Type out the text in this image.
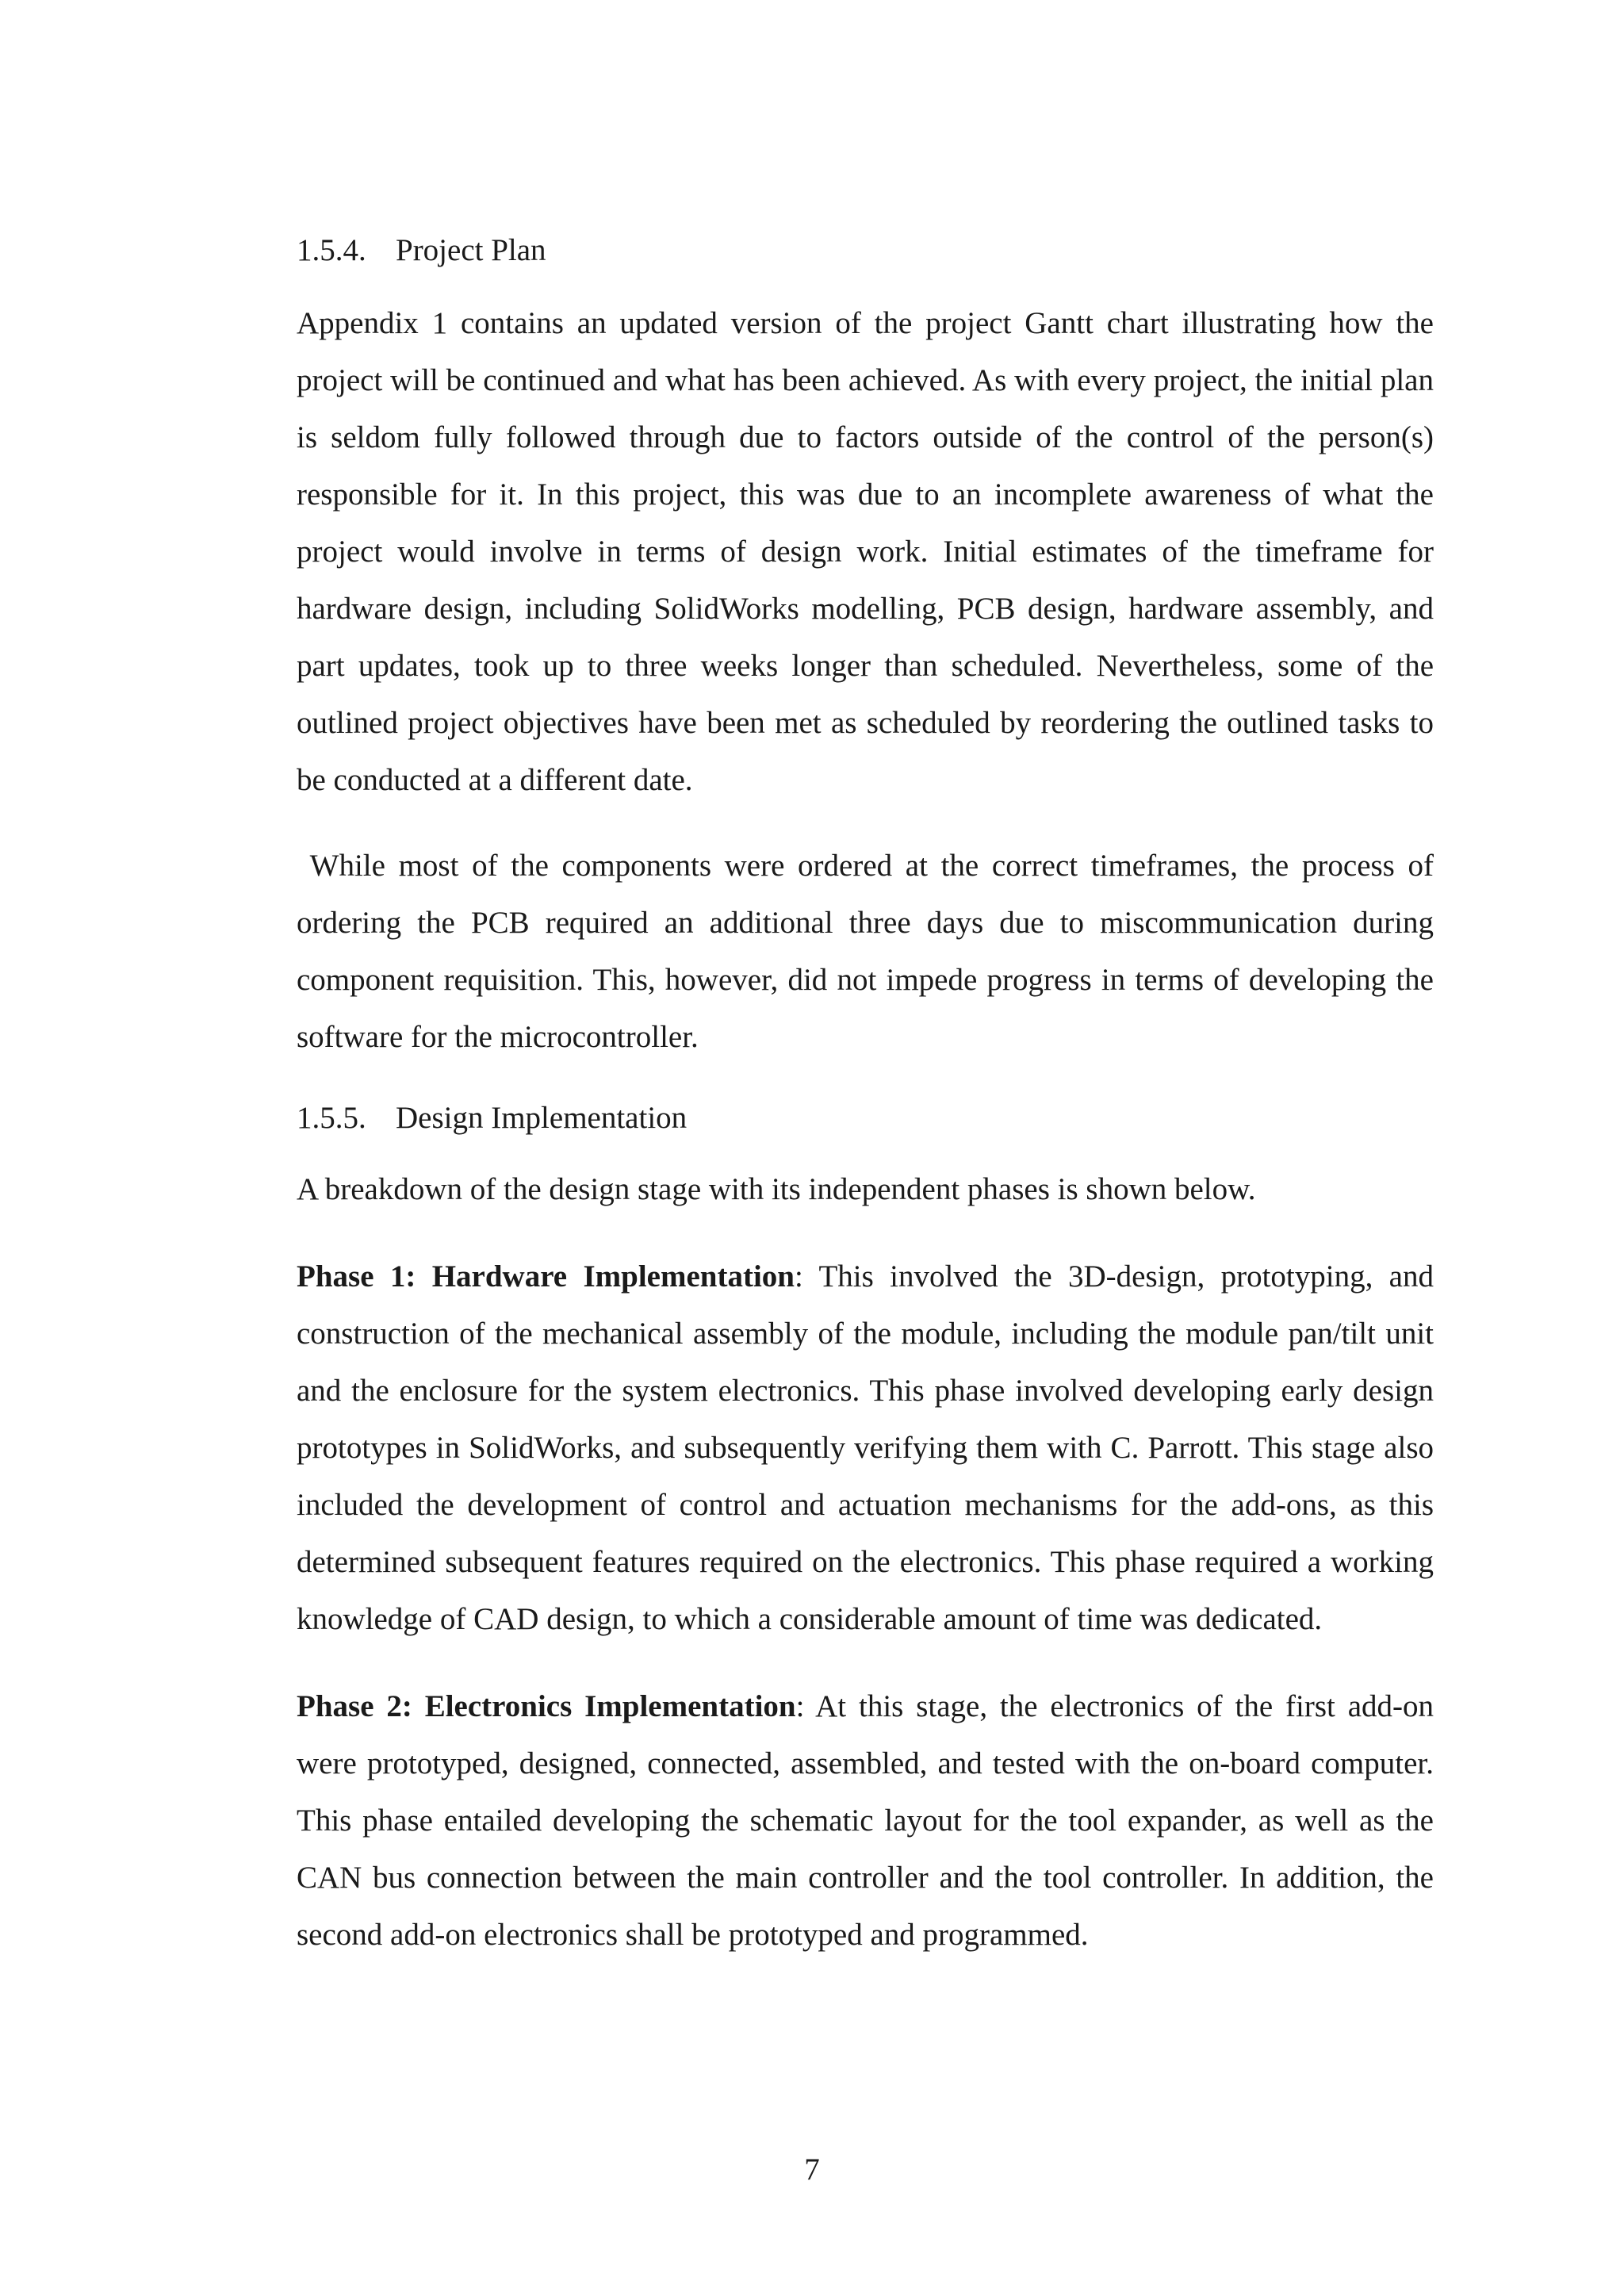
1.5.4. Project Plan

Appendix 1 contains an updated version of the project Gantt chart illustrating how the project will be continued and what has been achieved. As with every project, the initial plan is seldom fully followed through due to factors outside of the control of the person(s) responsible for it. In this project, this was due to an incomplete awareness of what the project would involve in terms of design work. Initial estimates of the timeframe for hardware design, including SolidWorks modelling, PCB design, hardware assembly, and part updates, took up to three weeks longer than scheduled. Nevertheless, some of the outlined project objectives have been met as scheduled by reordering the outlined tasks to be conducted at a different date.

While most of the components were ordered at the correct timeframes, the process of ordering the PCB required an additional three days due to miscommunication during component requisition. This, however, did not impede progress in terms of developing the software for the microcontroller.

1.5.5. Design Implementation

A breakdown of the design stage with its independent phases is shown below.

Phase 1: Hardware Implementation: This involved the 3D-design, prototyping, and construction of the mechanical assembly of the module, including the module pan/tilt unit and the enclosure for the system electronics. This phase involved developing early design prototypes in SolidWorks, and subsequently verifying them with C. Parrott. This stage also included the development of control and actuation mechanisms for the add-ons, as this determined subsequent features required on the electronics. This phase required a working knowledge of CAD design, to which a considerable amount of time was dedicated.

Phase 2: Electronics Implementation: At this stage, the electronics of the first add-on were prototyped, designed, connected, assembled, and tested with the on-board computer. This phase entailed developing the schematic layout for the tool expander, as well as the CAN bus connection between the main controller and the tool controller. In addition, the second add-on electronics shall be prototyped and programmed.

7
